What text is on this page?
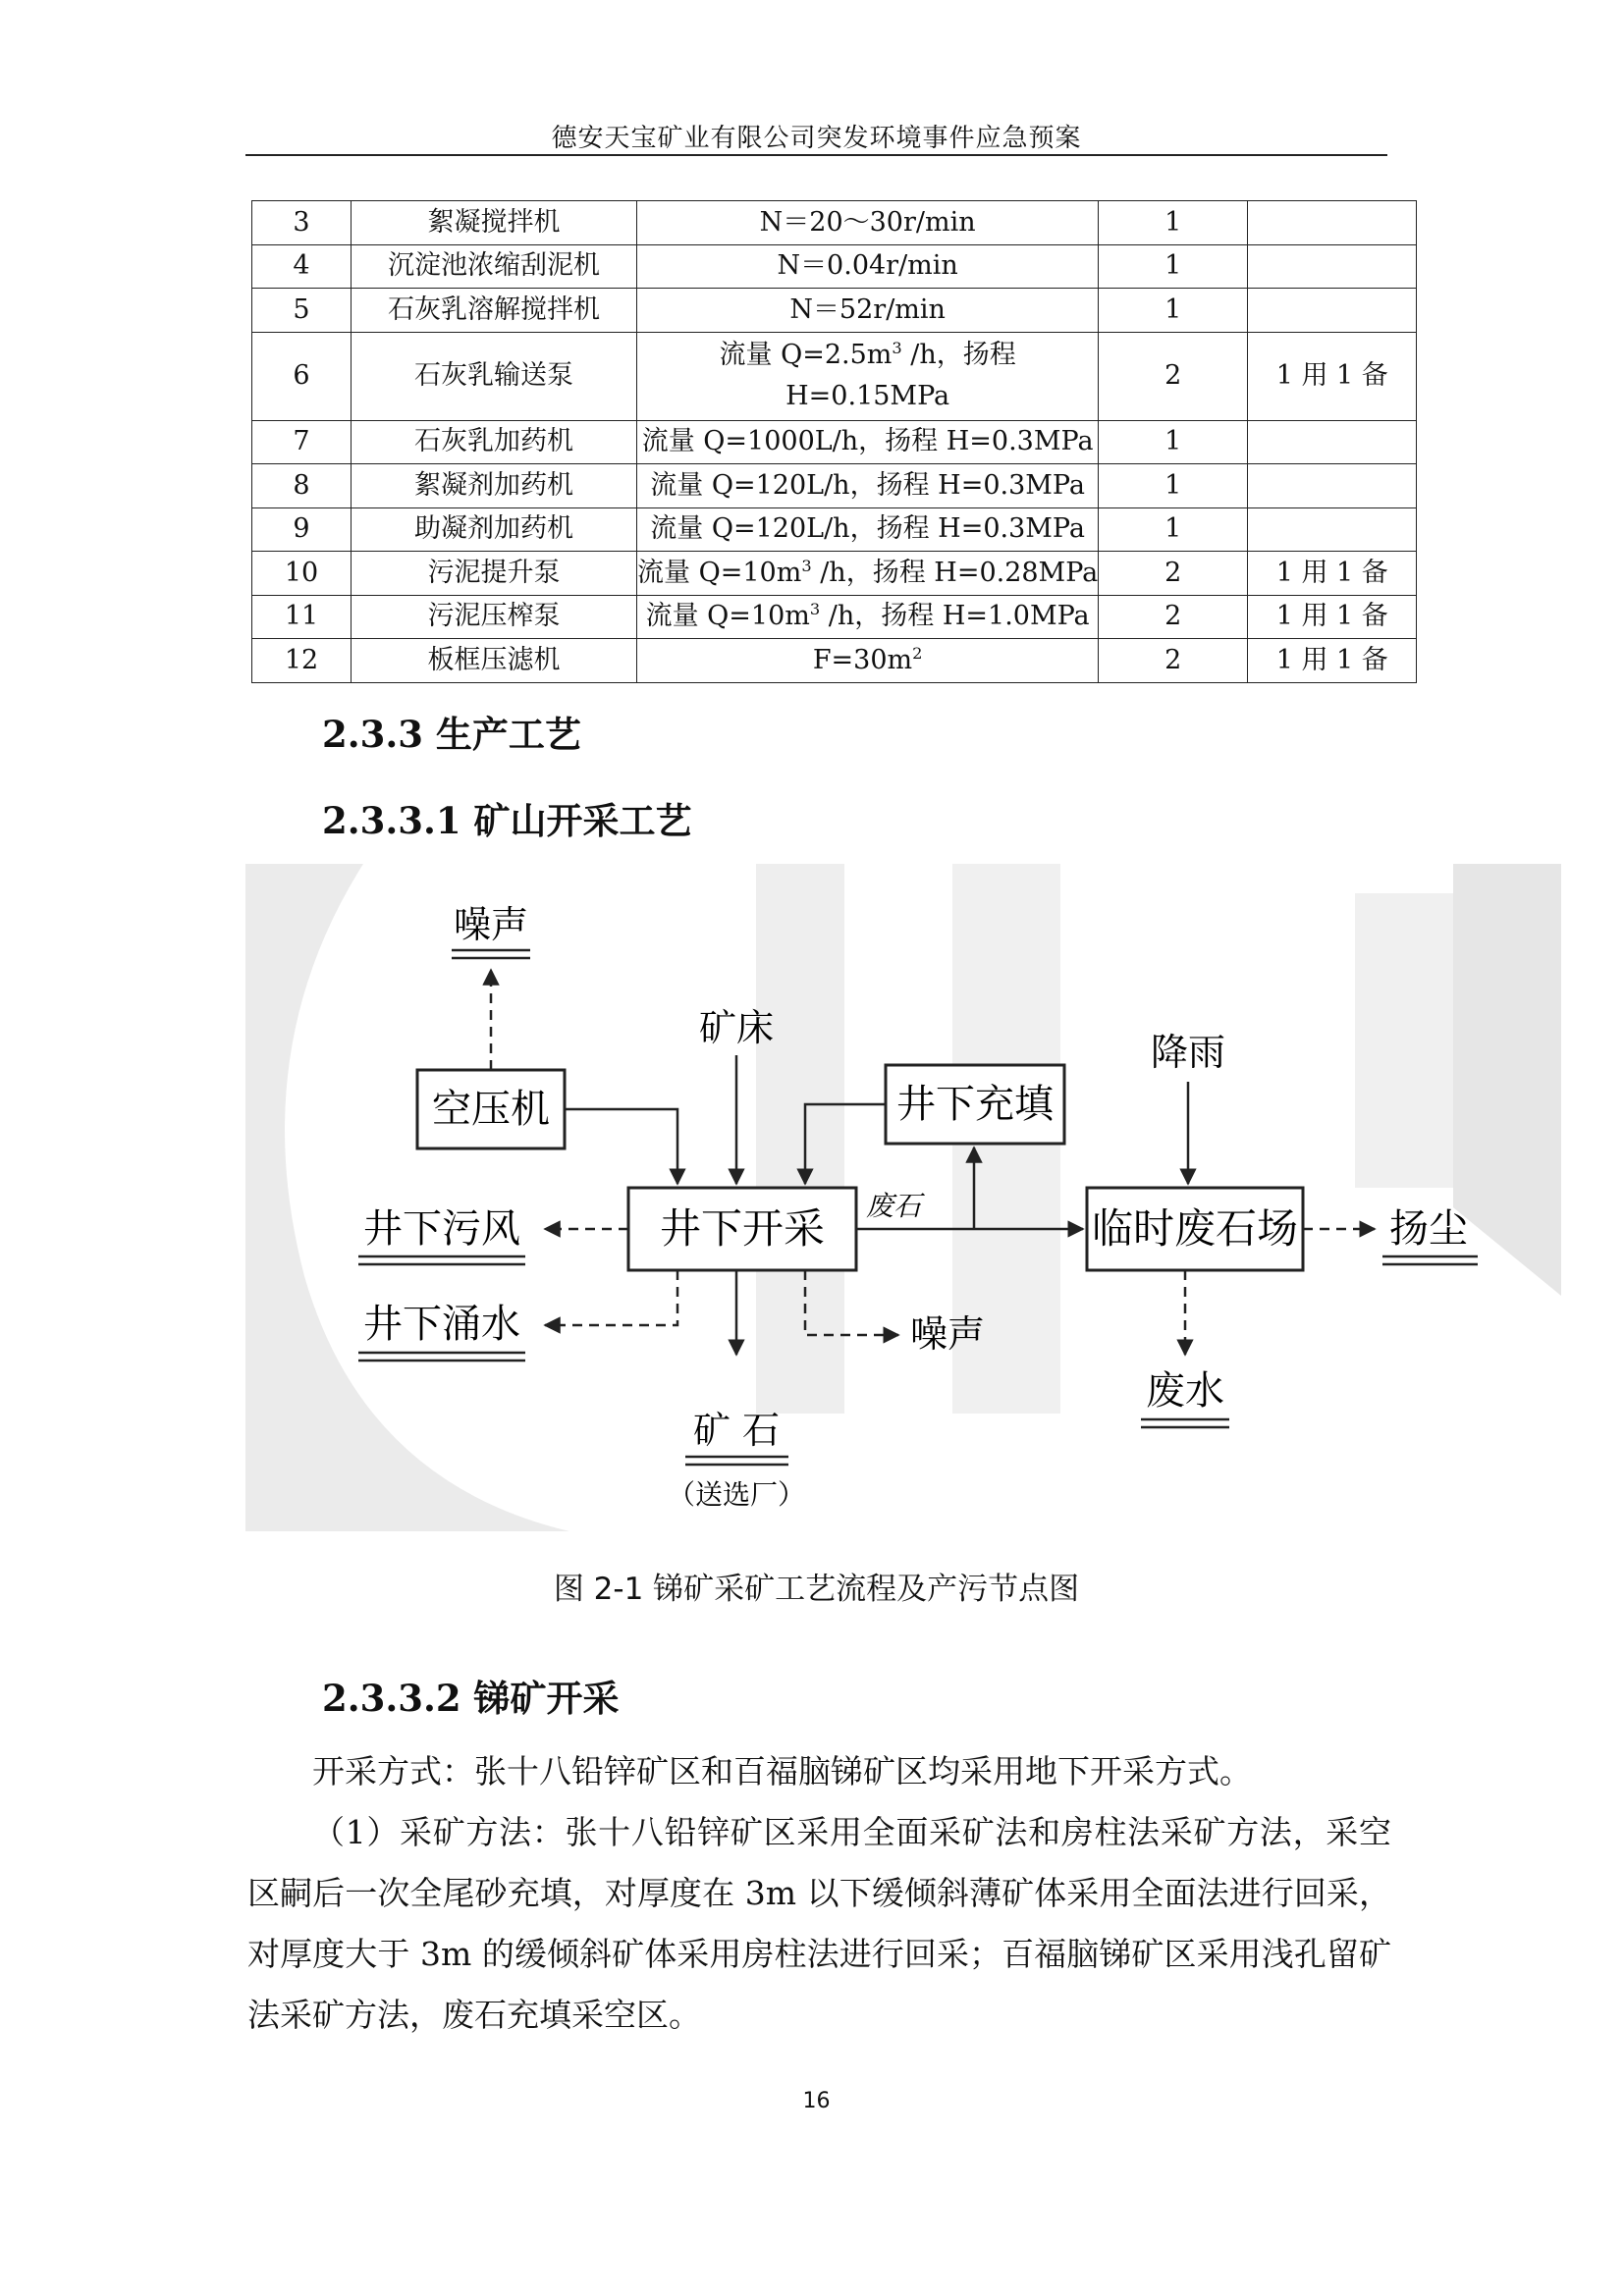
德安天宝矿业有限公司突发环境事件应急预案
3	絮凝搅拌机	N＝20～30r/min	1	
4	沉淀池浓缩刮泥机	N＝0.04r/min	1	
5	石灰乳溶解搅拌机	N＝52r/min	1	
6	石灰乳输送泵	流量 $Q=2.5m^3$ /h，扬程
H=0.15MPa	2	1 用 1 备
7	石灰乳加药机	流量 Q=1000L/h，扬程 H=0.3MPa	1	
8	絮凝剂加药机	流量 Q=120L/h，扬程 H=0.3MPa	1	
9	助凝剂加药机	流量 Q=120L/h，扬程 H=0.3MPa	1	
10	污泥提升泵	流量 $Q=10m^3$ /h，扬程 H=0.28MPa	2	1 用 1 备
11	污泥压榨泵	流量 $Q=10m^3$ /h，扬程 H=1.0MPa	2	1 用 1 备
12	板框压滤机	$F=30m^2$	2	1 用 1 备
2.3.3 生产工艺
2.3.3.1 矿山开采工艺
空压机	井下充填
井下开采	临时废石场
噪声
矿床
废石
降雨
井下污风	扬尘
井下涌水	噪声
矿 石
（送选厂）
废水
图 2-1 锑矿采矿工艺流程及产污节点图
2.3.3.2 锑矿开采
开采方式：张十八铅锌矿区和百福脑锑矿区均采用地下开采方式。
（1）采矿方法：张十八铅锌矿区采用全面采矿法和房柱法采矿方法，采空区嗣后一次全尾砂充填，对厚度在 3m 以下缓倾斜薄矿体采用全面法进行回采，对厚度大于 3m 的缓倾斜矿体采用房柱法进行回采；百福脑锑矿区采用浅孔留矿法采矿方法，废石充填采空区。
16
